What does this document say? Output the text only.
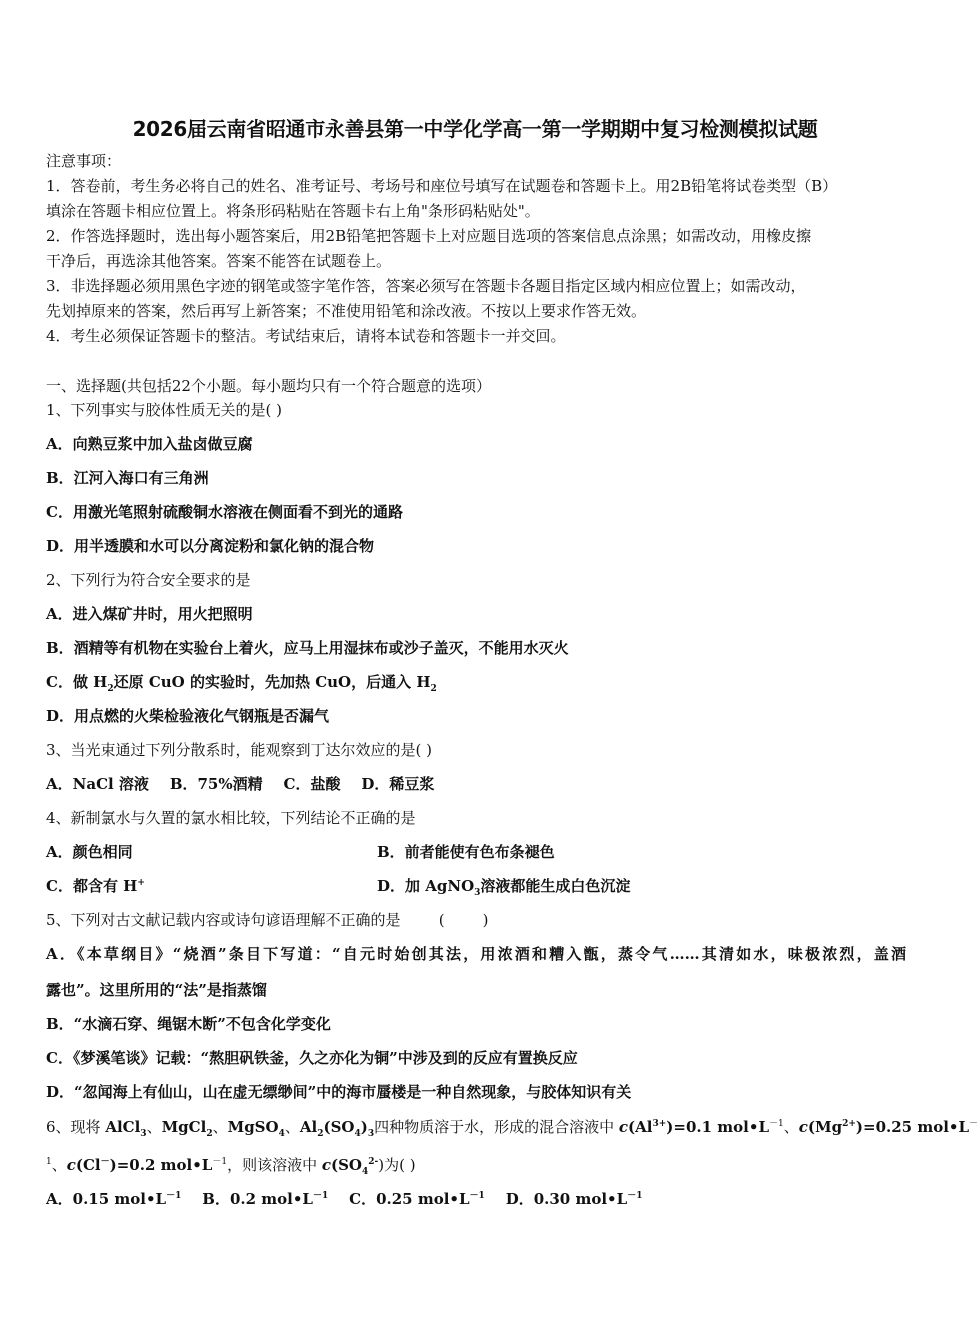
2026届云南省昭通市永善县第一中学化学高一第一学期期中复习检测模拟试题
注意事项：
1．答卷前，考生务必将自己的姓名、准考证号、考场号和座位号填写在试题卷和答题卡上。用2B铅笔将试卷类型（B）
填涂在答题卡相应位置上。将条形码粘贴在答题卡右上角"条形码粘贴处"。
2．作答选择题时，选出每小题答案后，用2B铅笔把答题卡上对应题目选项的答案信息点涂黑；如需改动，用橡皮擦
干净后，再选涂其他答案。答案不能答在试题卷上。
3．非选择题必须用黑色字迹的钢笔或签字笔作答，答案必须写在答题卡各题目指定区域内相应位置上；如需改动，
先划掉原来的答案，然后再写上新答案；不准使用铅笔和涂改液。不按以上要求作答无效。
4．考生必须保证答题卡的整洁。考试结束后，请将本试卷和答题卡一并交回。
一、选择题(共包括22个小题。每小题均只有一个符合题意的选项）
1、下列事实与胶体性质无关的是( )
A．向熟豆浆中加入盐卤做豆腐
B．江河入海口有三角洲
C．用激光笔照射硫酸铜水溶液在侧面看不到光的通路
D．用半透膜和水可以分离淀粉和氯化钠的混合物
2、下列行为符合安全要求的是
A．进入煤矿井时，用火把照明
B．酒精等有机物在实验台上着火，应马上用湿抹布或沙子盖灭，不能用水灭火
C．做 $H_2$还原 CuO 的实验时，先加热 CuO，后通入 $H_2$
D．用点燃的火柴检验液化气钢瓶是否漏气
3、当光束通过下列分散系时，能观察到丁达尔效应的是( )
A．NaCl 溶液    B．75%酒精    C．盐酸    D．稀豆浆
4、新制氯水与久置的氯水相比较，下列结论不正确的是
A．颜色相同	B．前者能使有色布条褪色
C．都含有 H+	D．加 AgNO$_3$溶液都能生成白色沉淀
5、下列对古文献记载内容或诗句谚语理解不正确的是        (        )
A．《本草纲目》“烧酒”条目下写道：“自元时始创其法，用浓酒和糟入甑，蒸令气……其清如水，味极浓烈，盖酒
露也”。这里所用的“法”是指蒸馏
B．“水滴石穿、绳锯木断”不包含化学变化
C．《梦溪笔谈》记载：“熬胆矾铁釜，久之亦化为铜”中涉及到的反应有置换反应
D．“忽闻海上有仙山，山在虚无缥缈间”中的海市蜃楼是一种自然现象，与胶体知识有关
6、现将 AlCl$_3$、MgCl$_2$、MgSO$_4$、$Al_2(SO_4)_3$四种物质溶于水，形成的混合溶液中 $c(Al^{3+})=0.1$ $mol•L^{-1}$、$c(Mg^{2+})=0.25$ mol•L－
$^1$、c(Cl－)=0.2 $mol•L^{-1}$，则该溶液中 $c(SO_4^{2-})$为( )
A．0.15 $mol•L^{-1}$ B．0.2 $mol•L^{-1}$ C．0.25 $mol•L^{-1}$ D．0.30 $mol•L^{-1}$
